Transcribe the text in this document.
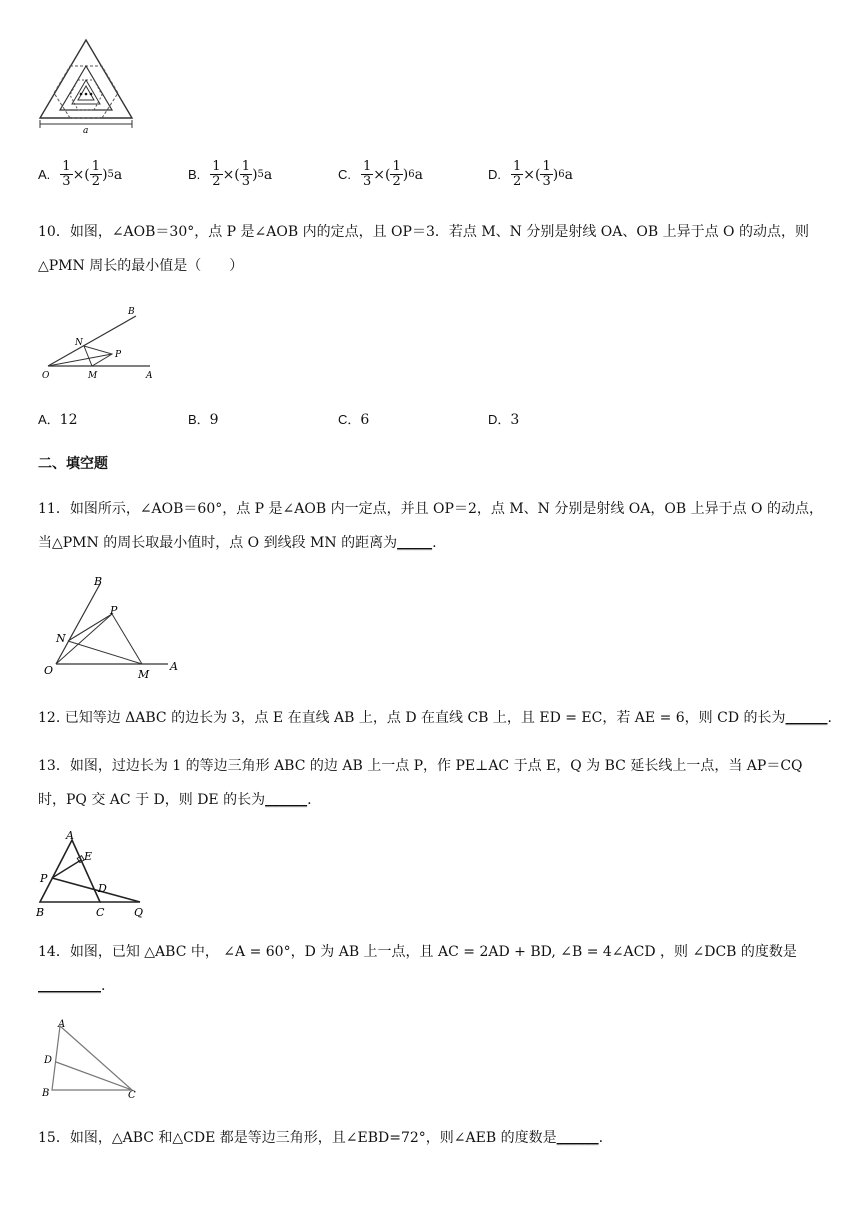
a
A. $\frac{1}{3}$ ×( $\frac{1}{2}$ ) 5 a	B. $\frac{1}{2}$ ×( $\frac{1}{3}$ ) 5 a	C. $\frac{1}{3}$ ×( $\frac{1}{2}$ ) 6 a	D. $\frac{1}{2}$ ×( $\frac{1}{3}$ ) 6 a
10．如图，∠AOB＝30°，点 P 是∠AOB 内的定点，且 OP＝3．若点 M、N 分别是射线 OA、OB 上异于点 O 的动点，则
△PMN 周长的最小值是（　　）
O	A
B
M
N
P
A．12	B．9	C．6	D．3
二、填空题
11．如图所示，∠AOB＝60°，点 P 是∠AOB 内一定点，并且 OP＝2，点 M、N 分别是射线 OA，OB 上异于点 O 的动点，
当△PMN 的周长取最小值时，点 O 到线段 MN 的距离为_____.
O	A
B
M
N
P
12. 已知等边 ΔABC 的边长为 3，点 E 在直线 AB 上，点 D 在直线 CB 上，且 ED = EC，若 AE = 6，则 CD 的长为______.
13．如图，过边长为 1 的等边三角形 ABC 的边 AB 上一点 P，作 PE⊥AC 于点 E，Q 为 BC 延长线上一点，当 AP＝CQ
时，PQ 交 AC 于 D，则 DE 的长为______.
A
B	C
D
E
P
Q
14．如图，已知 △ABC 中， ∠A = 60°，D 为 AB 上一点，且 AC = 2AD + BD, ∠B = 4∠ACD ，则 ∠DCB 的度数是
_________.
A
B	C
D
15．如图，△ABC 和△CDE 都是等边三角形，且∠EBD=72°，则∠AEB 的度数是______.
